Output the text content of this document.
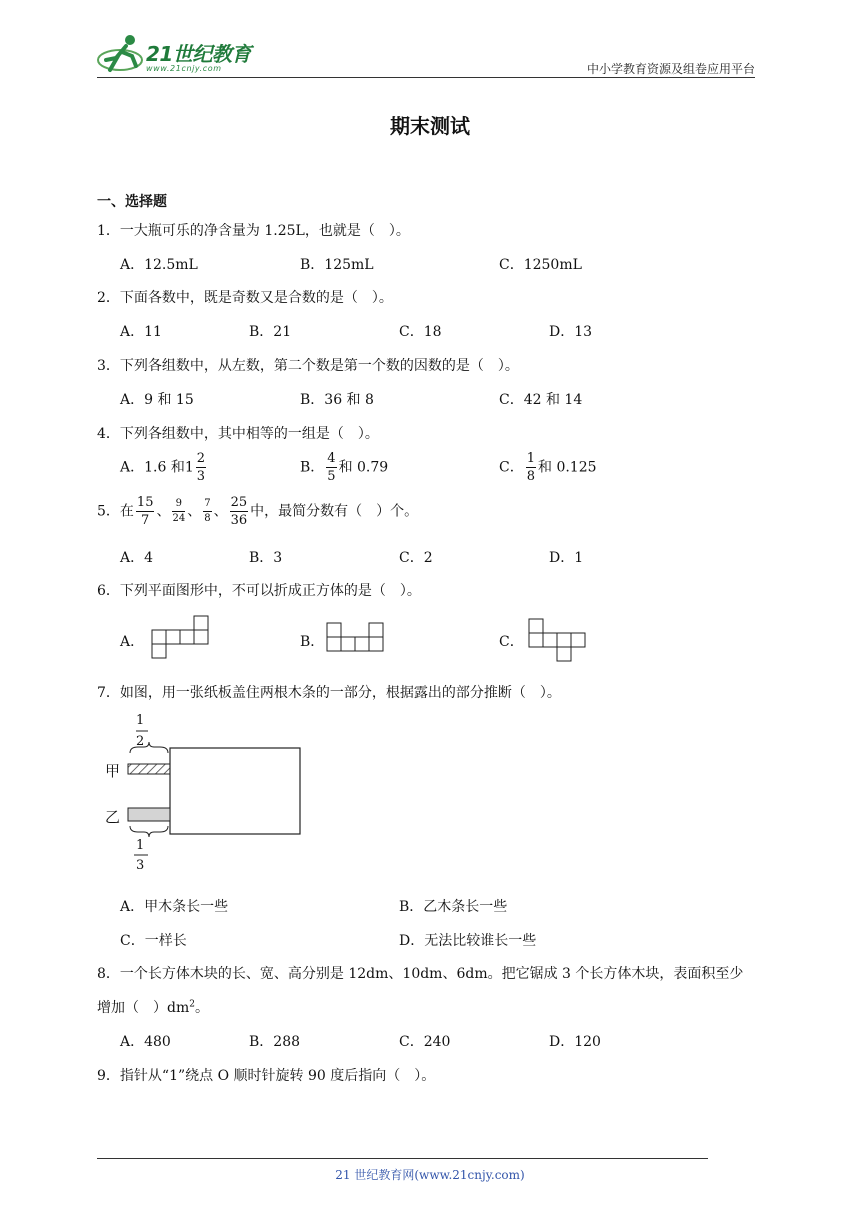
21世纪教育
www.21cnjy.com	中小学教育资源及组卷应用平台
期末测试
一、选择题
1．一大瓶可乐的净含量为 1.25L，也就是（　）。
A．12.5mL	B．125mL	C．1250mL
2．下面各数中，既是奇数又是合数的是（　）。
A．11	B．21	C．18	D．13
3．下列各组数中，从左数，第二个数是第一个数的因数的是（　）。
A．9 和 15	B．36 和 8	C．42 和 14
4．下列各组数中，其中相等的一组是（　）。
A．1.6 和$1 \frac{2}{3}$	B． $\frac{4}{5}$ 和 0.79	C． $\frac{1}{8}$ 和 0.125
5．在 $\frac{15}{7}$ 、 $\frac{9}{24}$ 、 $\frac{7}{8}$ 、 $\frac{25}{36}$ 中，最简分数有（　）个。
A．4	B．3	C．2	D．1
6．下列平面图形中，不可以折成正方体的是（　）。
A．	B．	C．
7．如图，用一张纸板盖住两根木条的一部分，根据露出的部分推断（　）。
1
2
1
3
甲
乙
A．甲木条长一些	B．乙木条长一些
C．一样长	D．无法比较谁长一些
8．一个长方体木块的长、宽、高分别是 12dm、10dm、6dm。把它锯成 3 个长方体木块，表面积至少
增加（　）$dm^2$。
A．480	B．288	C．240	D．120
9．指针从“1”绕点 O 顺时针旋转 90 度后指向（　）。
21 世纪教育网(www.21cnjy.com)
